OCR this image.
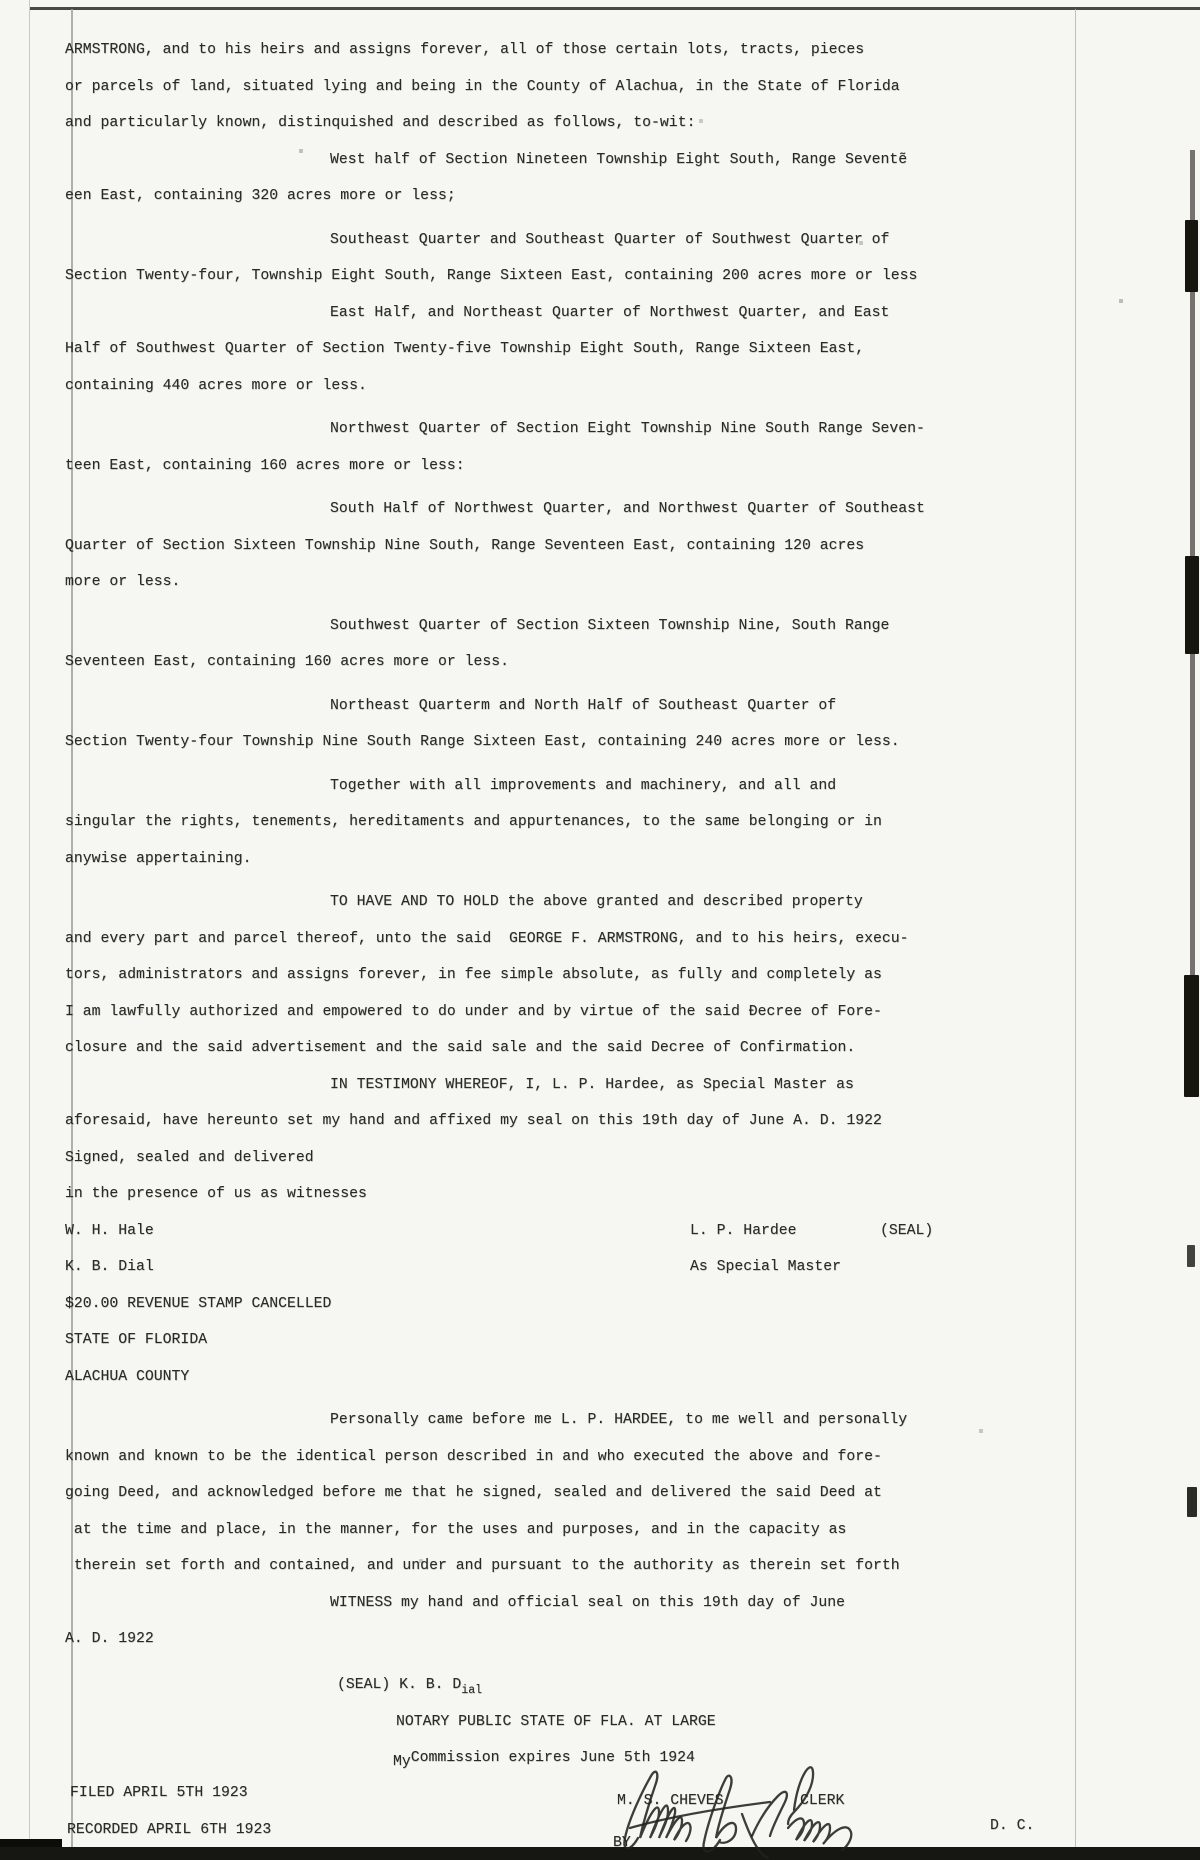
ARMSTRONG, and to his heirs and assigns forever, all of those certain lots, tracts, pieces
or parcels of land, situated lying and being in the County of Alachua, in the State of Florida
and particularly known, distinquished and described as follows, to-wit:
West half of Section Nineteen Township Eight South, Range Seventẽ
een East, containing 320 acres more or less;
Southeast Quarter and Southeast Quarter of Southwest Quarter of
Section Twenty-four, Township Eight South, Range Sixteen East, containing 200 acres more or less
East Half, and Northeast Quarter of Northwest Quarter, and East
Half of Southwest Quarter of Section Twenty-five Township Eight South, Range Sixteen East,
containing 440 acres more or less.
Northwest Quarter of Section Eight Township Nine South Range Seven-
teen East, containing 160 acres more or less:
South Half of Northwest Quarter, and Northwest Quarter of Southeast
Quarter of Section Sixteen Township Nine South, Range Seventeen East, containing 120 acres
more or less.
Southwest Quarter of Section Sixteen Township Nine, South Range
Seventeen East, containing 160 acres more or less.
Northeast Quarterm and North Half of Southeast Quarter of
Section Twenty-four Township Nine South Range Sixteen East, containing 240 acres more or less.
Together with all improvements and machinery, and all and
singular the rights, tenements, hereditaments and appurtenances, to the same belonging or in
anywise appertaining.
TO HAVE AND TO HOLD the above granted and described property
and every part and parcel thereof, unto the said  GEORGE F. ARMSTRONG, and to his heirs, execu-
tors, administrators and assigns forever, in fee simple absolute, as fully and completely as
I am lawfully authorized and empowered to do under and by virtue of the said Ðecree of Fore-
closure and the said advertisement and the said sale and the said Decree of Confirmation.
IN TESTIMONY WHEREOF, I, L. P. Hardee, as Special Master as
aforesaid, have hereunto set my hand and affixed my seal on this 19th day of June A. D. 1922
Signed, sealed and delivered
in the presence of us as witnesses
W. H. Hale	L. P. Hardee	(SEAL)
K. B. Dial	As Special Master
$20.00 REVENUE STAMP CANCELLED
STATE OF FLORIDA
ALACHUA COUNTY
Personally came before me L. P. HARDEE, to me well and personally
known and known to be the identical person described in and who executed the above and fore-
going Deed, and acknowledged before me that he signed, sealed and delivered the said Deed at
at the time and place, in the manner, for the uses and purposes, and in the capacity as
therein set forth and contained, and under and pursuant to the authority as therein set forth
WITNESS my hand and official seal on this 19th day of June
A. D. 1922
(SEAL) K. B. $D_{ial}$
NOTARY PUBLIC STATE OF FLA. AT LARGE
MyCommission expires June 5th 1924
FILED APRIL 5TH 1923
RECORDED APRIL 6TH 1923
M. S. CHEVES	CLERK
BY
D. C.
